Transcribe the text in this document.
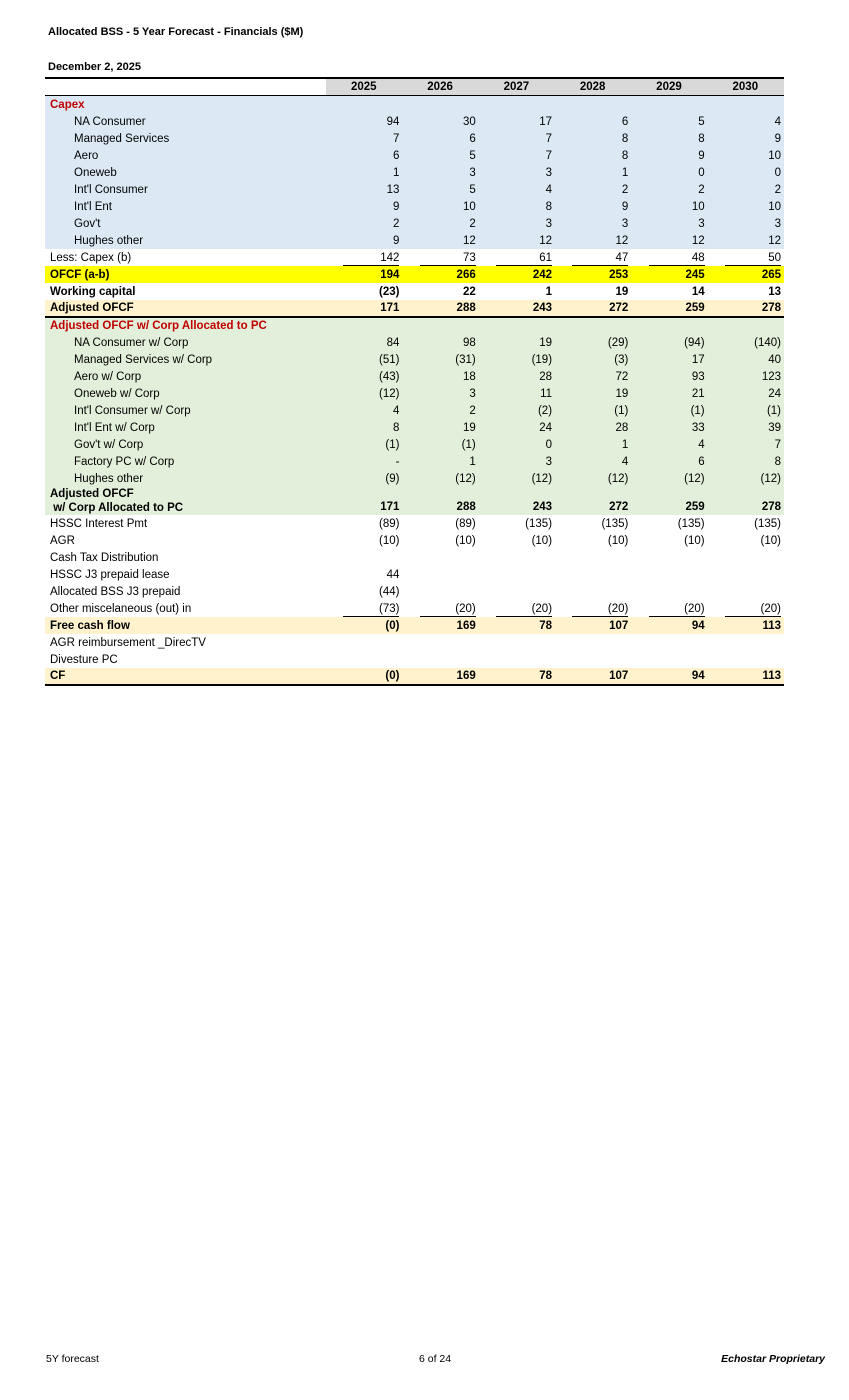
Allocated BSS - 5 Year Forecast - Financials ($M)
December 2, 2025
	2025	2026	2027	2028	2029	2030
Capex						
NA Consumer	94	30	17	6	5	4
Managed Services	7	6	7	8	8	9
Aero	6	5	7	8	9	10
Oneweb	1	3	3	1	0	0
Int'l Consumer	13	5	4	2	2	2
Int'l Ent	9	10	8	9	10	10
Gov't	2	2	3	3	3	3
Hughes other	9	12	12	12	12	12
Less: Capex (b)	142	73	61	47	48	50
OFCF (a-b)	194	266	242	253	245	265
Working capital	(23)	22	1	19	14	13
Adjusted OFCF	171	288	243	272	259	278
Adjusted OFCF w/ Corp Allocated to PC						
NA Consumer w/ Corp	84	98	19	(29)	(94)	(140)
Managed Services w/ Corp	(51)	(31)	(19)	(3)	17	40
Aero w/ Corp	(43)	18	28	72	93	123
Oneweb w/ Corp	(12)	3	11	19	21	24
Int'l Consumer w/ Corp	4	2	(2)	(1)	(1)	(1)
Int'l Ent w/ Corp	8	19	24	28	33	39
Gov't w/ Corp	(1)	(1)	0	1	4	7
Factory PC w/ Corp	-	1	3	4	6	8
Hughes other	(9)	(12)	(12)	(12)	(12)	(12)

Adjusted OFCF
w/ Corp Allocated to PC	171	288	243	272	259	278
HSSC Interest Pmt	(89)	(89)	(135)	(135)	(135)	(135)
AGR	(10)	(10)	(10)	(10)	(10)	(10)
Cash Tax Distribution						
HSSC J3 prepaid lease	44					
Allocated BSS J3 prepaid	(44)					
Other miscelaneous (out) in	(73)	(20)	(20)	(20)	(20)	(20)
Free cash flow	(0)	169	78	107	94	113
AGR reimbursement _DirecTV						
Divesture PC						
CF	(0)	169	78	107	94	113
5Y forecast	6 of 24	Echostar Proprietary
